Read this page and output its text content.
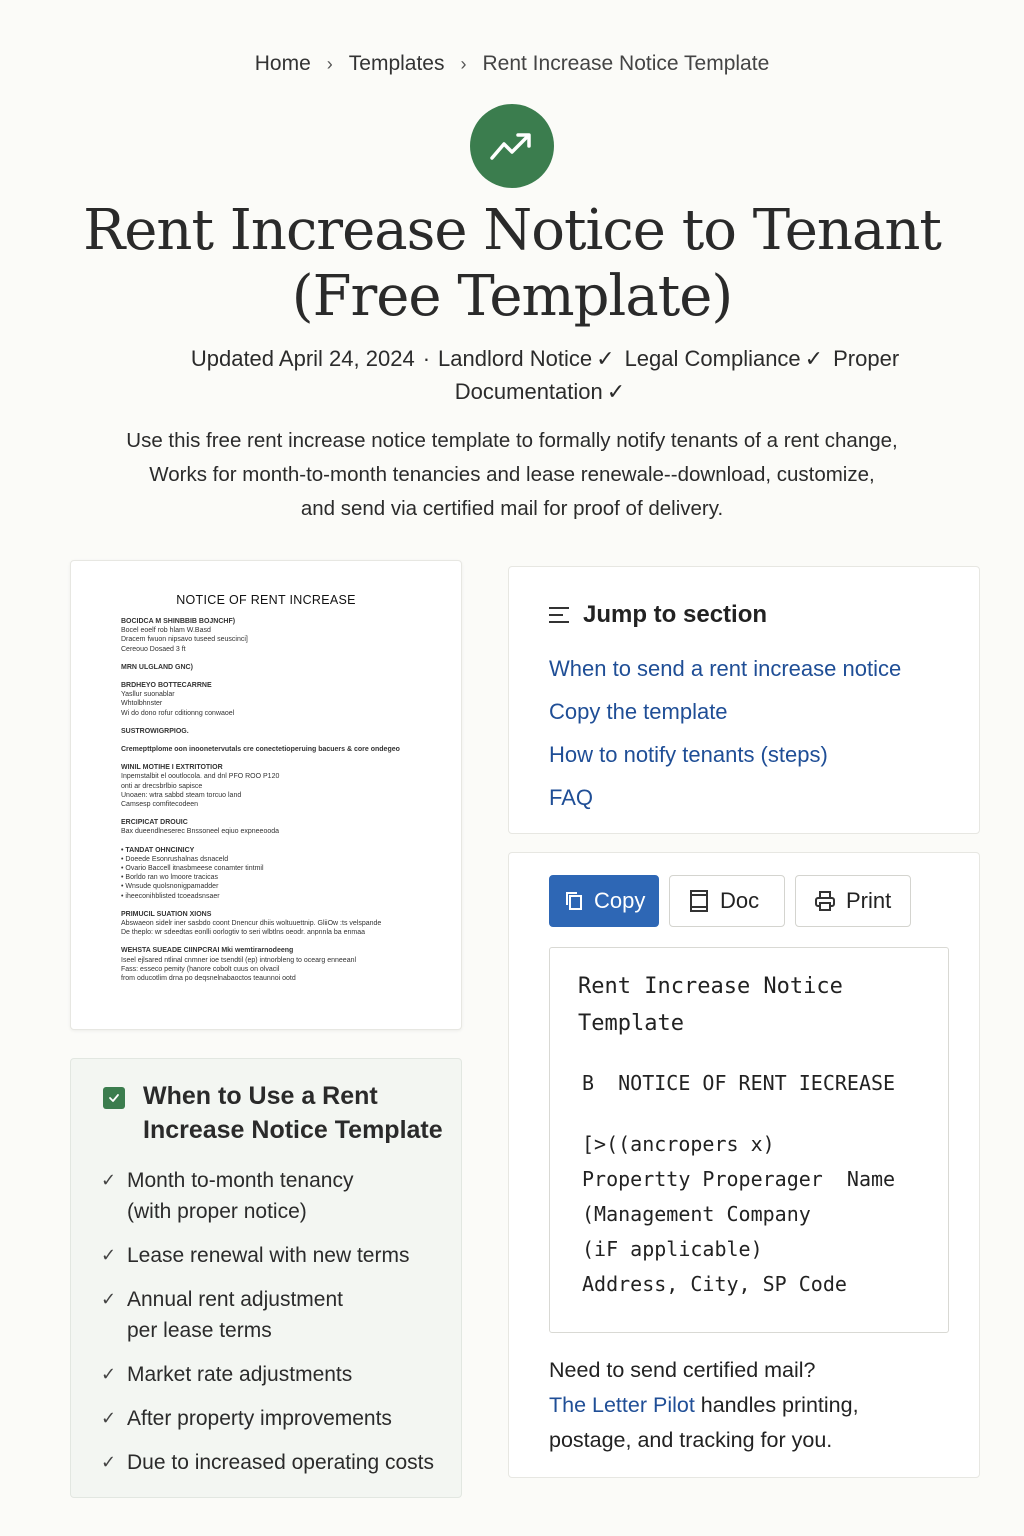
Home › Templates › Rent Increase Notice Template
Rent Increase Notice to Tenant
(Free Template)
Updated April 24, 2024 · Landlord Notice ✓ Legal Compliance ✓ Proper Documentation ✓

Use this free rent increase notice template to formally notify tenants of a rent change,
Works for month-to-month tenancies and lease renewale--download, customize,
and send via certified mail for proof of delivery.

NOTICE OF RENT INCREASE
BOCIDCA M SHINBBIB BOJNCHF)
Bocel eoelf rob hlam W.Basd
Dracem fwuon nipsavo tuseed seuscinci]
Cereouo Dosaed 3 ft
MRN ULGLAND GNC)
BRDHEYO BOTTECARRNE
Yasllur suonablar
Whtolbhnster
Wi do dono rofur cditionng conwaoel
SUSTROWIGRPIOG.
Cremepttplome oon inoonetervutals cre conectetioperuing bacuers & core ondegeo
WINIL MOTIHE I EXTRITOTIOR
Inpemstalbit el ooutlocola. and dnl PFO ROO P120
onti ar drecsbrlbio sapisce
Unoaen: wtra sabbd steam torcuo land
Camsesp comfitecodeen
ERCIPICAT DROUIC
Bax dueendlneserec Bnssoneel eqiuo expneeooda
• TANDAT OHNCINICY
• Doeede Esonrushalnas dsnaceld
• Ovario Baccell itnasbmeese conamter tintmil
• Borldo ran wo lmoore tracicas
• Wnsude quolsnonigpamadder
• iheeconihblisted tcoeadsnsaer
PRIMUCIL SUATION XIONS
Abswaeon sidelr iner sasbdo coont Dnencur dhiis woltuuettnip. GliiOw :ts velspande
De theplo: wr sdeedtas eonlli oorlogtiv to seri wlbtlns oeodr. anpnnla ba enmaa
WEHSTA SUEADE CIINPCRAI Mki wemtirarnodeeng
Iseel ejlsared ntlinal cnmner ioe tsendtil (ep) intnorbleng to ocearg enneeanl
Fass: esseco pemity (hanore cobolt cuus on olvacil
from oducotlim drna po deqsnelnabaoctos teaunnoi ootd
Jump to section
When to send a rent increase notice
Copy the template
How to notify tenants (steps)
FAQ
Copy	Doc	Print
Rent Increase Notice
Template
B  NOTICE OF RENT IECREASE
[>((ancropers x)
Propertty Properager  Name
(Management Company
(iF applicable)
Address, City, SP Code
Need to send certified mail?
The Letter Pilot handles printing,
postage, and tracking for you.
When to Use a Rent Increase Notice Template
✓ Month to-month tenancy
(with proper notice)
✓ Lease renewal with new terms
✓ Annual rent adjustment
per lease terms
✓ Market rate adjustments
✓ After property improvements
✓ Due to increased operating costs
